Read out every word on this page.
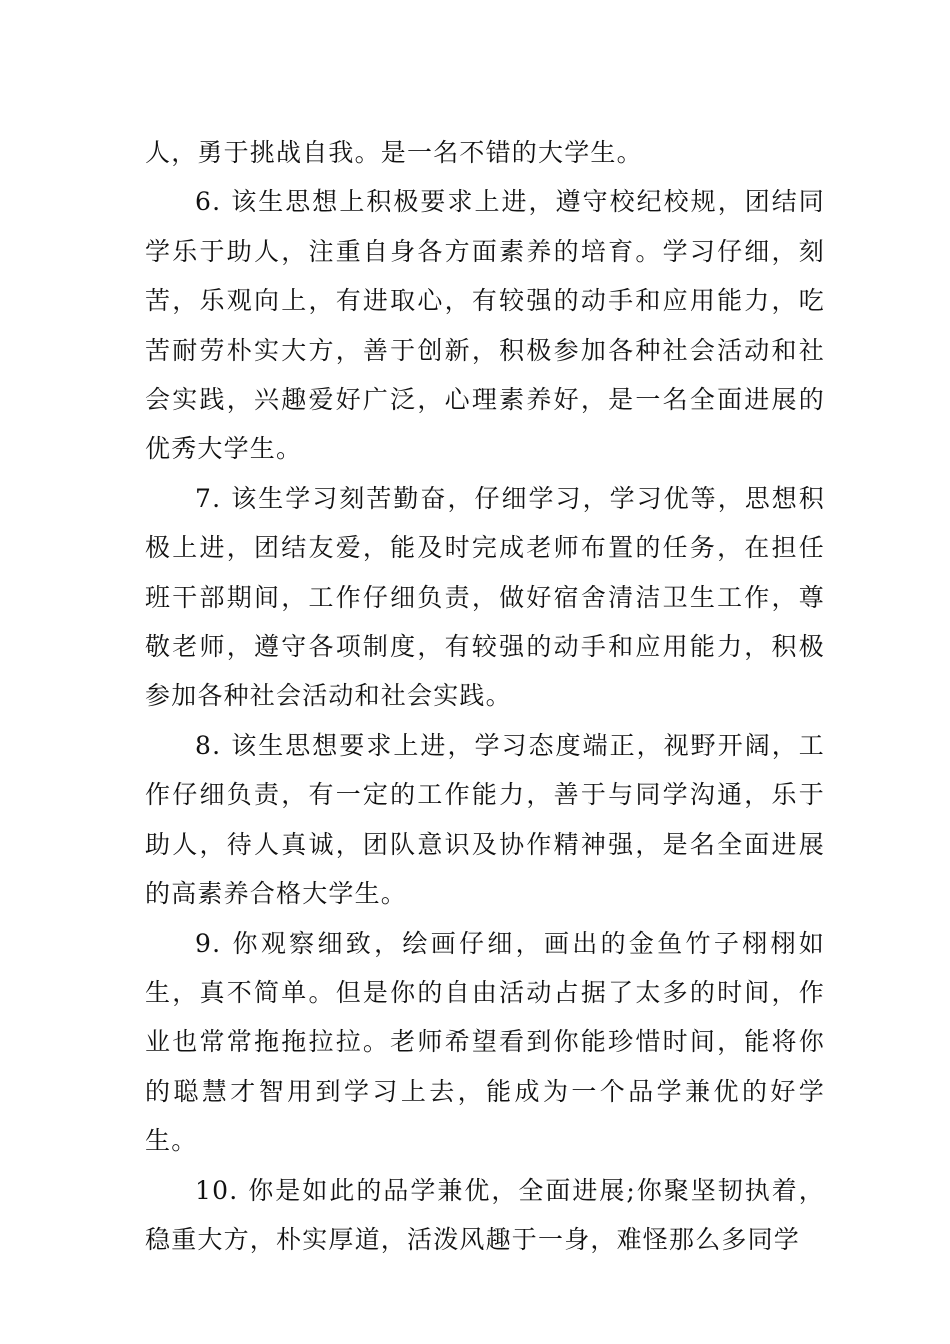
人，勇于挑战自我。是一名不错的大学生。

6. 该生思想上积极要求上进，遵守校纪校规，团结同学乐于助人，注重自身各方面素养的培育。学习仔细，刻苦，乐观向上，有进取心，有较强的动手和应用能力，吃苦耐劳朴实大方，善于创新，积极参加各种社会活动和社会实践，兴趣爱好广泛，心理素养好，是一名全面进展的优秀大学生。

7. 该生学习刻苦勤奋，仔细学习，学习优等，思想积极上进，团结友爱，能及时完成老师布置的任务，在担任班干部期间，工作仔细负责，做好宿舍清洁卫生工作，尊敬老师，遵守各项制度，有较强的动手和应用能力，积极参加各种社会活动和社会实践。

8. 该生思想要求上进，学习态度端正，视野开阔，工作仔细负责，有一定的工作能力，善于与同学沟通，乐于助人，待人真诚，团队意识及协作精神强，是名全面进展的高素养合格大学生。

9. 你观察细致，绘画仔细，画出的金鱼竹子栩栩如生，真不简单。但是你的自由活动占据了太多的时间，作业也常常拖拖拉拉。老师希望看到你能珍惜时间，能将你的聪慧才智用到学习上去，能成为一个品学兼优的好学生。

10. 你是如此的品学兼优，全面进展;你聚坚韧执着，稳重大方，朴实厚道，活泼风趣于一身，难怪那么多同学
